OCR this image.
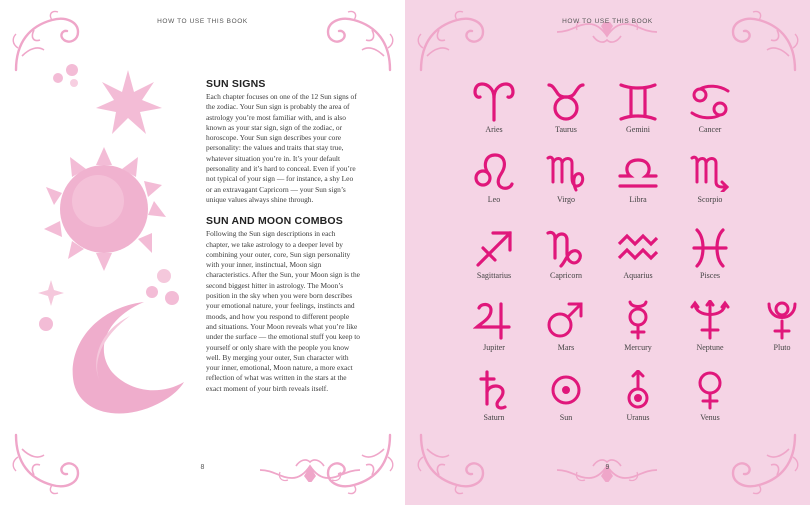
HOW TO USE THIS BOOK
SUN SIGNS

Each chapter focuses on one of the 12 Sun signs of the zodiac. Your Sun sign is probably the area of astrology you’re most familiar with, and is also known as your star sign, sign of the zodiac, or horoscope. Your Sun sign describes your core personality: the values and traits that stay true, whatever situation you’re in. It’s your default personality and it’s hard to conceal. Even if you’re not typical of your sign — for instance, a shy Leo or an extravagant Capricorn — your Sun sign’s unique values always shine through.

SUN AND MOON COMBOS

Following the Sun sign descriptions in each chapter, we take astrology to a deeper level by combining your outer, core, Sun sign personality with your inner, instinctual, Moon sign characteristics. After the Sun, your Moon sign is the second biggest hitter in astrology. The Moon’s position in the sky when you were born describes your emotional nature, your feelings, instincts and moods, and how you respond to different people and situations. Your Moon reveals what you’re like under the surface — the emotional stuff you keep to yourself or only share with the people you know well. By merging your outer, Sun character with your inner, emotional, Moon nature, a more exact reflection of what was written in the stars at the exact moment of your birth reveals itself.

8
HOW TO USE THIS BOOK
9
Aries	Taurus	Gemini	Cancer
Leo	Virgo	Libra	Scorpio
Sagittarius	Capricorn	Aquarius	Pisces
Jupiter	Mars	Mercury	Neptune	Pluto
Saturn	Sun	Uranus	Venus
